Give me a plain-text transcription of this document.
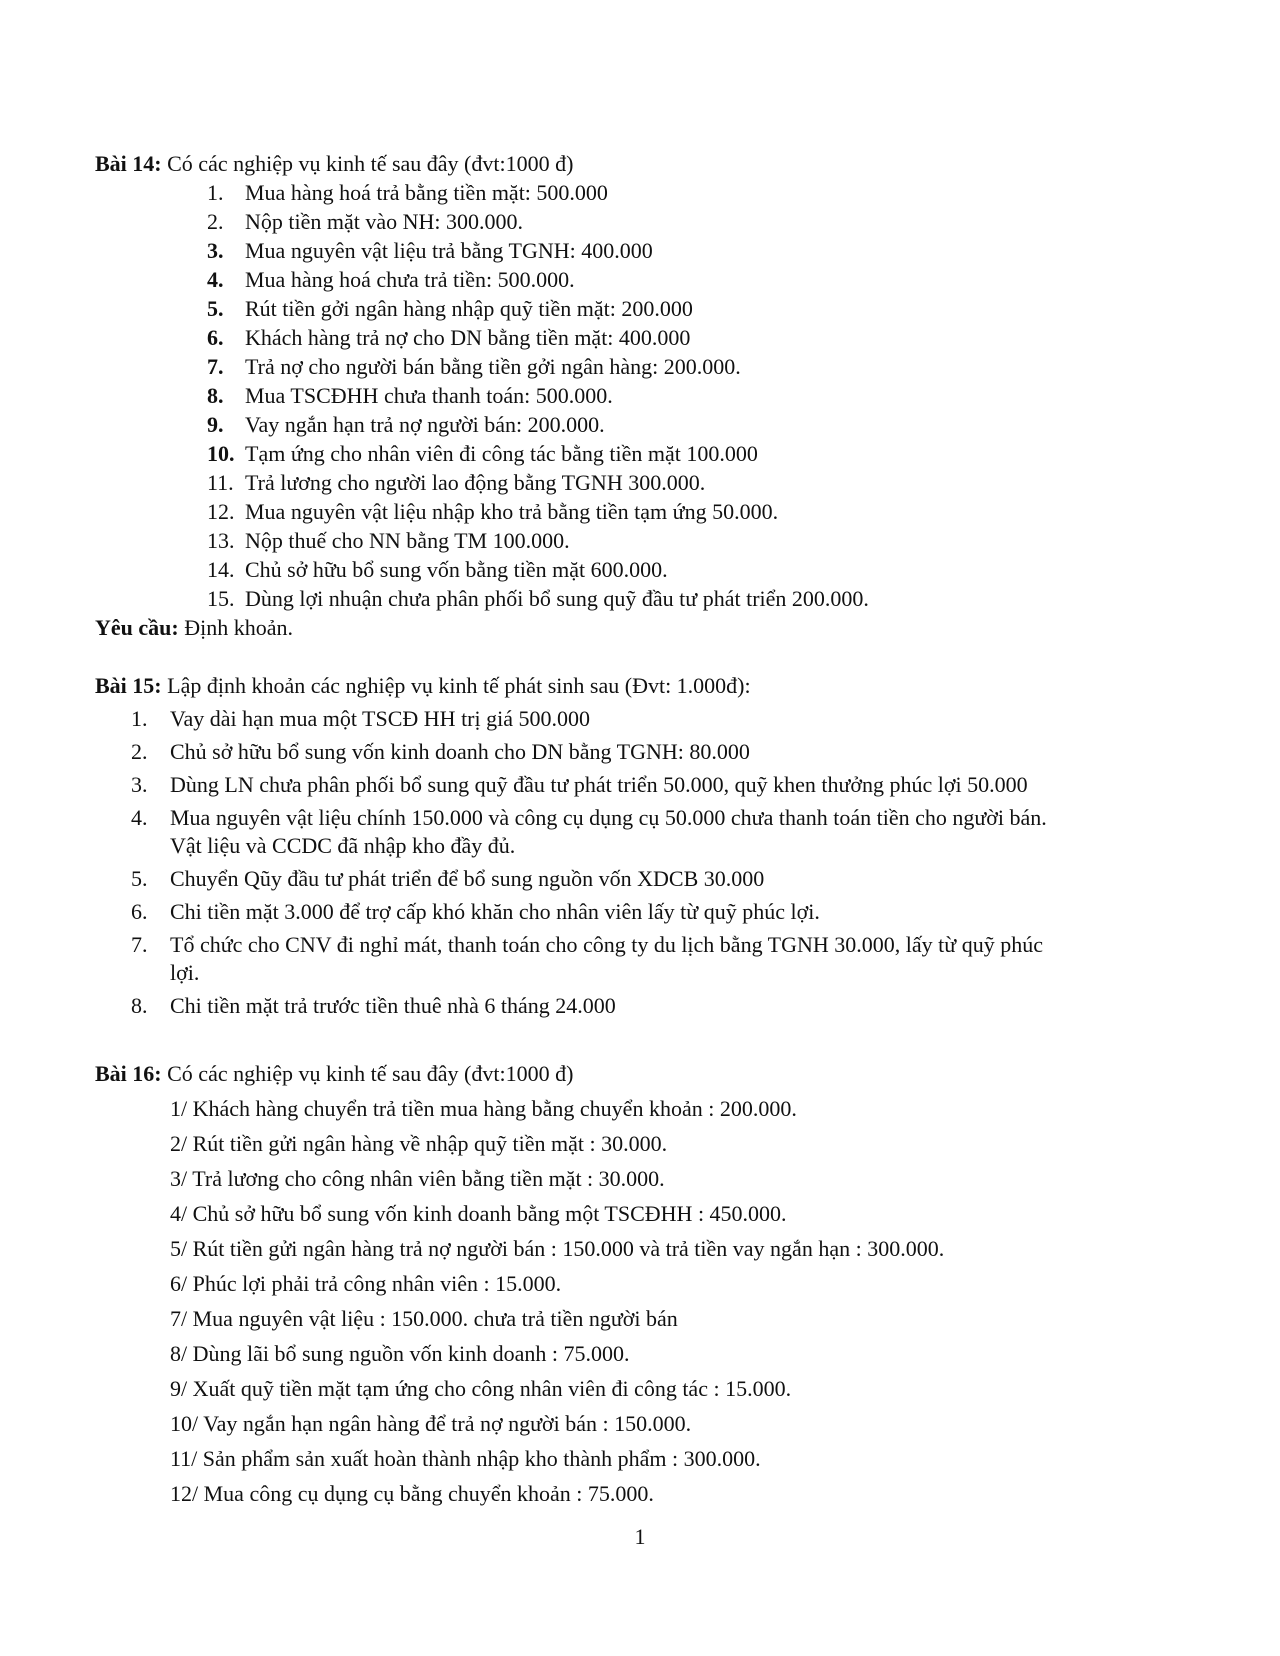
Bài 14: Có các nghiệp vụ kinh tế sau đây (đvt:1000 đ)
1. Mua hàng hoá trả bằng tiền mặt: 500.000
2. Nộp tiền mặt vào NH: 300.000.
3. Mua nguyên vật liệu trả bằng TGNH: 400.000
4. Mua hàng hoá chưa trả tiền: 500.000.
5. Rút tiền gởi ngân hàng nhập quỹ tiền mặt: 200.000
6. Khách hàng trả nợ cho DN bằng tiền mặt: 400.000
7. Trả nợ cho người bán bằng tiền gởi ngân hàng: 200.000.
8. Mua TSCĐHH chưa thanh toán: 500.000.
9. Vay ngắn hạn trả nợ người bán: 200.000.
10. Tạm ứng cho nhân viên đi công tác bằng tiền mặt 100.000
11. Trả lương cho người lao động bằng TGNH 300.000.
12. Mua nguyên vật liệu nhập kho trả bằng tiền tạm ứng 50.000.
13. Nộp thuế cho NN bằng TM 100.000.
14. Chủ sở hữu bổ sung vốn bằng tiền mặt 600.000.
15. Dùng lợi nhuận chưa phân phối bổ sung quỹ đầu tư phát triển 200.000.
Yêu cầu: Định khoản.
Bài 15: Lập định khoản các nghiệp vụ kinh tế phát sinh sau (Đvt: 1.000đ):
1.	Vay dài hạn mua một TSCĐ HH trị giá 500.000
2.	Chủ sở hữu bổ sung vốn kinh doanh cho DN bằng TGNH: 80.000
3.	Dùng LN chưa phân phối bổ sung quỹ đầu tư phát triển 50.000, quỹ khen thưởng phúc lợi 50.000
4.	Mua nguyên vật liệu chính 150.000 và công cụ dụng cụ 50.000 chưa thanh toán tiền cho người bán.
Vật liệu và CCDC đã nhập kho đầy đủ.
5.	Chuyển Qũy đầu tư phát triển để bổ sung nguồn vốn XDCB 30.000
6.	Chi tiền mặt 3.000 để trợ cấp khó khăn cho nhân viên lấy từ quỹ phúc lợi.
7.	Tổ chức cho CNV đi nghỉ mát, thanh toán cho công ty du lịch bằng TGNH 30.000, lấy từ quỹ phúc
lợi.
8.	Chi tiền mặt trả trước tiền thuê nhà 6 tháng 24.000
Bài 16: Có các nghiệp vụ kinh tế sau đây (đvt:1000 đ)
1/ Khách hàng chuyển trả tiền mua hàng bằng chuyển khoản : 200.000.
2/ Rút tiền gửi ngân hàng về nhập quỹ tiền mặt : 30.000.
3/ Trả lương cho công nhân viên bằng tiền mặt : 30.000.
4/ Chủ sở hữu bổ sung vốn kinh doanh bằng một TSCĐHH : 450.000.
5/ Rút tiền gửi ngân hàng trả nợ người bán : 150.000 và trả tiền vay ngắn hạn : 300.000.
6/ Phúc lợi phải trả công nhân viên : 15.000.
7/ Mua nguyên vật liệu : 150.000. chưa trả tiền người bán
8/ Dùng lãi bổ sung nguồn vốn kinh doanh : 75.000.
9/ Xuất quỹ tiền mặt tạm ứng cho công nhân viên đi công tác : 15.000.
10/ Vay ngắn hạn ngân hàng để trả nợ người bán : 150.000.
11/ Sản phẩm sản xuất hoàn thành nhập kho thành phẩm : 300.000.
12/ Mua công cụ dụng cụ bằng chuyển khoản : 75.000.
1
